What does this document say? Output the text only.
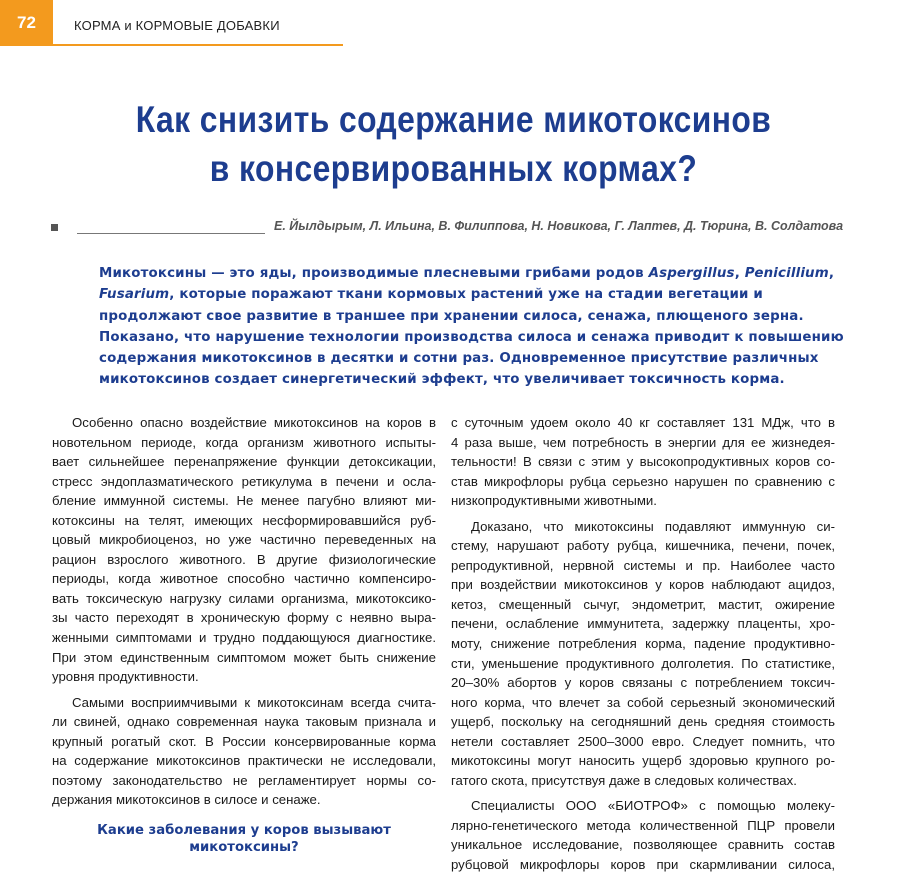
72	КОРМА и КОРМОВЫЕ ДОБАВКИ
Как снизить содержание микотоксинов
в консервированных кормах?
Е. Йылдырым, Л. Ильина, В. Филиппова, Н. Новикова, Г. Лаптев, Д. Тюрина, В. Солдатова
Микотоксины — это яды, производимые плесневыми грибами родов Aspergillus, Penicillium,
Fusarium, которые поражают ткани кормовых растений уже на стадии вегетации и
продолжают свое развитие в траншее при хранении силоса, сенажа, плющеного зерна.
Показано, что нарушение технологии производства силоса и сенажа приводит к повышению
содержания микотоксинов в десятки и сотни раз. Одновременное присутствие различных
микотоксинов создает синергетический эффект, что увеличивает токсичность корма.
Особенно опасно воздействие микотоксинов на коров в
новотельном периоде, когда организм животного испыты-
вает сильнейшее перенапряжение функции детоксикации,
стресс эндоплазматического ретикулума в печени и осла-
бление иммунной системы. Не менее пагубно влияют ми-
котоксины на телят, имеющих несформировавшийся руб-
цовый микробиоценоз, но уже частично переведенных на
рацион взрослого животного. В другие физиологические
периоды, когда животное способно частично компенсиро-
вать токсическую нагрузку силами организма, микотоксико-
зы часто переходят в хроническую форму с неявно выра-
женными симптомами и трудно поддающуюся диагностике.
При этом единственным симптомом может быть снижение
уровня продуктивности.
Самыми восприимчивыми к микотоксинам всегда счита-
ли свиней, однако современная наука таковым признала и
крупный рогатый скот. В России консервированные корма
на содержание микотоксинов практически не исследовали,
поэтому законодательство не регламентирует нормы со-
держания микотоксинов в силосе и сенаже.
Какие заболевания у коров вызывают
микотоксины?
с суточным удоем около 40 кг составляет 131 МДж, что в
4 раза выше, чем потребность в энергии для ее жизнедея-
тельности! В связи с этим у высокопродуктивных коров со-
став микрофлоры рубца серьезно нарушен по сравнению с
низкопродуктивными животными.
Доказано, что микотоксины подавляют иммунную си-
стему, нарушают работу рубца, кишечника, печени, почек,
репродуктивной, нервной системы и пр. Наиболее часто
при воздействии микотоксинов у коров наблюдают ацидоз,
кетоз, смещенный сычуг, эндометрит, мастит, ожирение
печени, ослабление иммунитета, задержку плаценты, хро-
моту, снижение потребления корма, падение продуктивно-
сти, уменьшение продуктивного долголетия. По статистике,
20–30% абортов у коров связаны с потреблением токсич-
ного корма, что влечет за собой серьезный экономический
ущерб, поскольку на сегодняшний день средняя стоимость
нетели составляет 2500–3000 евро. Следует помнить, что
микотоксины могут наносить ущерб здоровью крупного ро-
гатого скота, присутствуя даже в следовых количествах.
Специалисты ООО «БИОТРОФ» с помощью молеку-
лярно-генетического метода количественной ПЦР провели
уникальное исследование, позволяющее сравнить состав
рубцовой микрофлоры коров при скармливании силоса,
